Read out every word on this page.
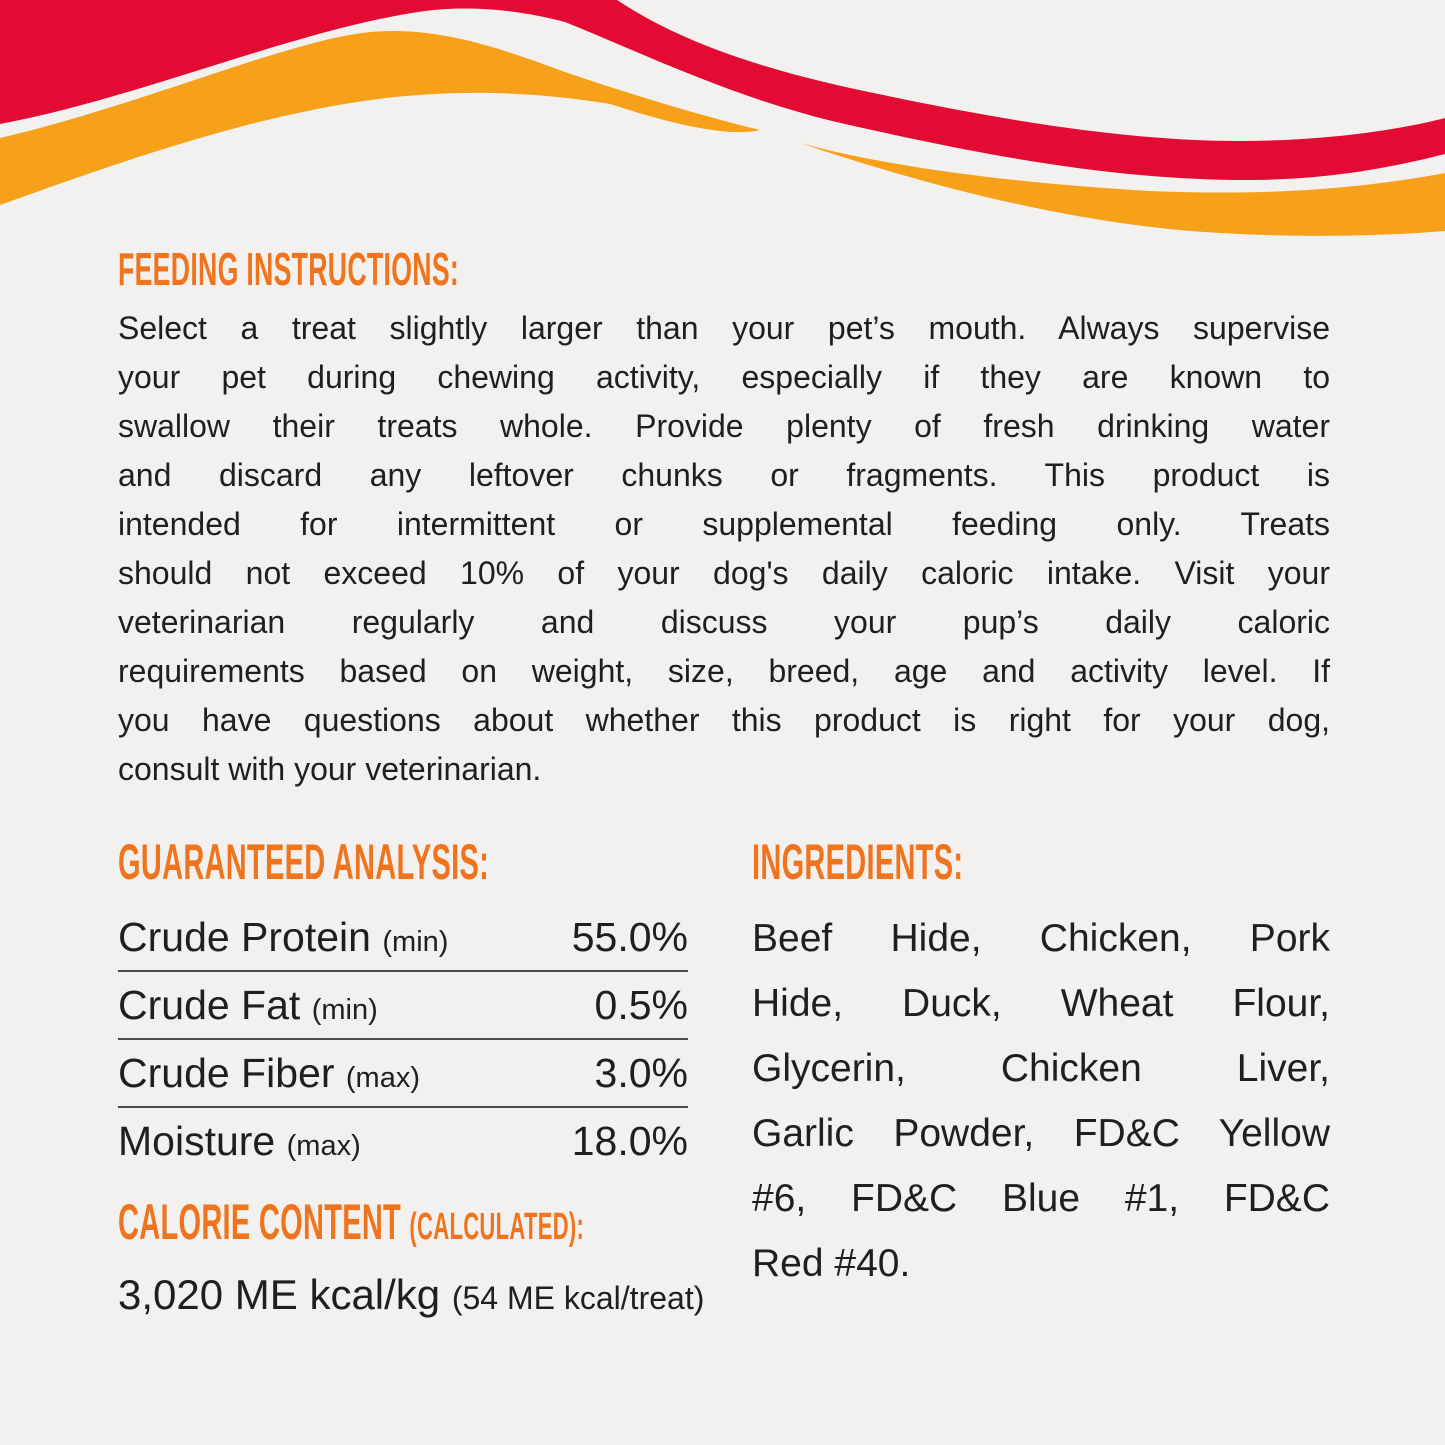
FEEDING INSTRUCTIONS:
Select a treat slightly larger than your pet’s mouth. Always supervise
your pet during chewing activity, especially if they are known to
swallow their treats whole. Provide plenty of fresh drinking water
and discard any leftover chunks or fragments. This product is
intended for intermittent or supplemental feeding only. Treats
should not exceed 10% of your dog's daily caloric intake. Visit your
veterinarian regularly and discuss your pup’s daily caloric
requirements based on weight, size, breed, age and activity level. If
you have questions about whether this product is right for your dog,
consult with your veterinarian.
GUARANTEED ANALYSIS:
Crude Protein (min)	55.0%
Crude Fat (min)	0.5%
Crude Fiber (max)	3.0%
Moisture (max)	18.0%
CALORIE CONTENT (CALCULATED):
3,020 ME kcal/kg (54 ME kcal/treat)
INGREDIENTS:
Beef Hide, Chicken, Pork
Hide, Duck, Wheat Flour,
Glycerin, Chicken Liver,
Garlic Powder, FD&C Yellow
#6, FD&C Blue #1, FD&C
Red #40.
